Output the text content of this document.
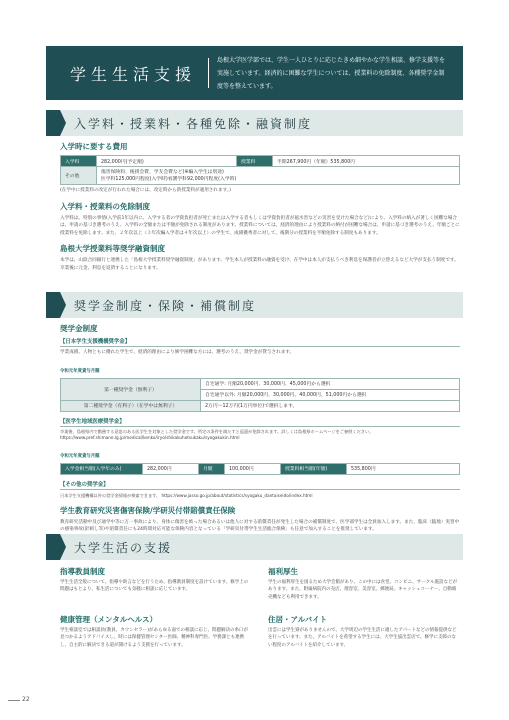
学生生活支援
島根大学医学部では、学生一人ひとりに応じたきめ細やかな学生相談、修学支援等を実施しています。経済的に困難な学生については、授業料の免除制度、各種奨学金制度等を整えています。
入学料・授業料・各種免除・融資制度
入学時に要する費用
入学料	282,000円(予定額)	授業料	半期267,900円（年額）535,800円
その他	傷害保険料、後援会費、学友会費など(※編入学生は別途)
医学科125,000円程度(入学時)看護学科92,000円程度(入学時)		
(在学中に授業料の改定が行われた場合には、改定時から新授業料が適用されます。)
入学料・授業料の免除制度
入学料は、特別の事情(入学前1年以内に、入学する者の学資負担者が死亡または入学する者もしくは学資負担者が風水害などの災害を受けた場合など)により、入学料の納入が著しく困難な場合は、申請の基づき選考のうえ、入学料の全額または半額が免除される制度があります。授業料については、経済的理由により授業料の納付が困難な場合は、申請に基づき選考のうえ、年額ごとに授業料を免除します。また、２年次以上（３年次編入学者は４年次以上）の学生で、成績優秀者に対して、後期分の授業料を半額免除する制度もあります。
島根大学授業料等奨学融資制度
本学は、山陰合同銀行と連携した「島根大学授業料奨学融資制度」があります。学生本人が授業料の融資を受け、在学中は本人が支払うべき利息を保護者が立替えるなど大学が支払う制度です。卒業後に元金、利息を返済することになります。
奨学金制度・保険・補償制度
奨学金制度
【日本学生支援機構奨学金】
学業成績、人物ともに優れた学生で、経済的理由により修学困難な方には、選考のうえ、奨学金が貸与されます。
令和元年度貸与月額
第一種奨学金（無利子）	自宅通学: 月額20,000円、30,000円、45,000円から選択
	自宅通学以外: 月額20,000円、30,000円、40,000円、51,000円から選択
第二種奨学金（有利子）（在学中は無利子）	2万円〜12万円(1万円単位)で選択します。
【医学生地域医療奨学金】
卒業後、島根県内で勤務する意思のある医学生を対象とした奨学金です。所定の条件を満たすと返還が免除されます。詳しくは島根県ホームページをご参照ください。 https://www.pref.shimane.lg.jp/medical/kenko/iryo/shikakuhotsukaku/syogakukin.html
令和元年度貸与月額
入学金相当額(入学年のみ)	282,000円	月額	100,000円	授業料相当額(年額)	535,800円
【その他の奨学金】
日本学生支援機構以外の奨学金情報が検索できます。 https://www.jasso.go.jp/about/statistics/syogaku_dantaiseido/index.html
学生教育研究災害傷害保険/学研災付帯賠償責任保険
教育研究活動中及び通学中等に万一事故により、身体に傷害を被った場合あるいは他人に対する賠償責任が発生した場合の補償制度で、医学部学生は全員加入します。また、臨床（臨地）実習中の感染事故(針刺し等)や賠償責任にも24時間対応可能な保険内容となっている「学研災付帯学生生活総合保険」も任意で加入することを推奨しています。
大学生活の支援
指導教員制度
学生生活全般について、指導や助言などを行うため、指導教員制度を設けています。修学上の問題はもとより、私生活についても気軽に相談に応じています。
福利厚生
学生の福利厚生を図るため大学会館があり、この中には食堂、コンビニ、サークル施設などがあります。また、附属病院内の売店、理容室、美容室、郵便局、キャッシュコーナー、自動販売機なども利用できます。
健康管理（メンタルヘルス）
学生相談室では相談員(教員、カウンセラー)があらゆる面での相談に応じ、問題解決の糸口が見つかるようアドバイスし、時には保健管理センター医師、精神科専門医、学務課とも連携し、自主的に解決できる道が開けるよう支援を行っています。
住居・アルバイト
出雲には学生寮がありませんので、大学周辺の学生生活に適したアパートなどの情報提供などを行っています。また、アルバイトを希望する学生には、大学生協出雲店で、修学に支障のない程度のアルバイトを紹介しています。
22
